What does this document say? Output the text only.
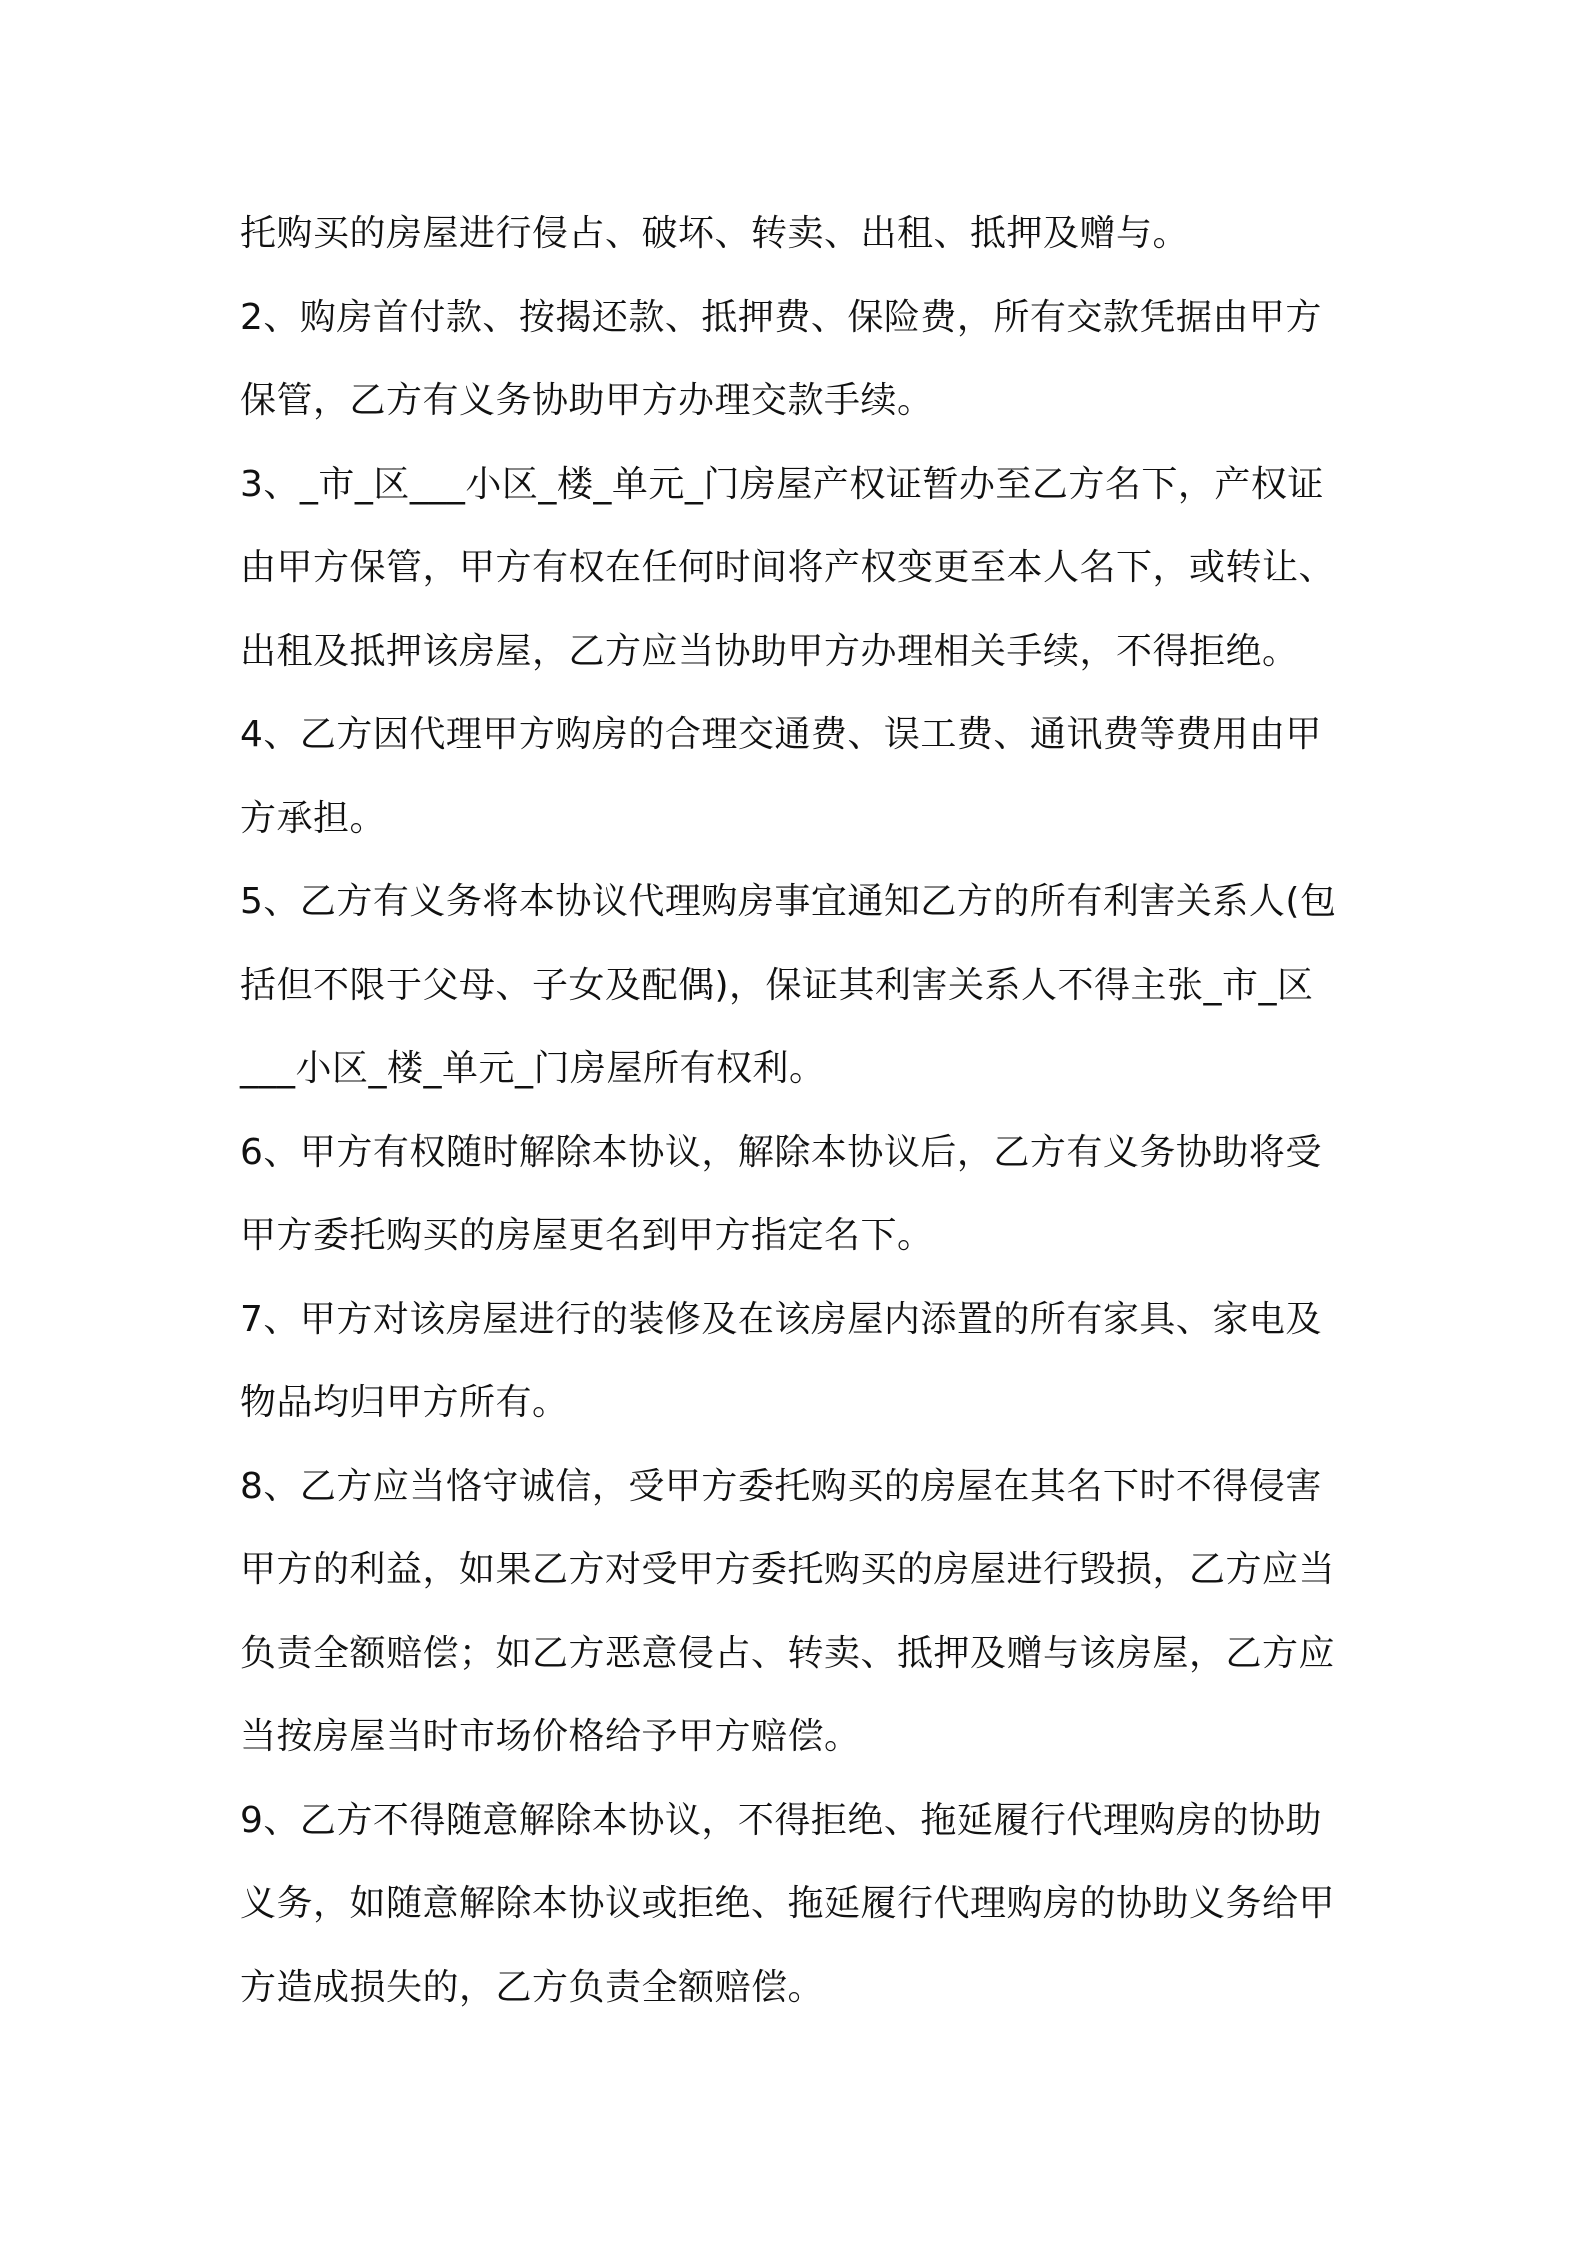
托购买的房屋进行侵占、破坏、转卖、出租、抵押及赠与。
2、购房首付款、按揭还款、抵押费、保险费，所有交款凭据由甲方
保管，乙方有义务协助甲方办理交款手续。
3、_市_区___小区_楼_单元_门房屋产权证暂办至乙方名下，产权证
由甲方保管，甲方有权在任何时间将产权变更至本人名下，或转让、
出租及抵押该房屋，乙方应当协助甲方办理相关手续，不得拒绝。
4、乙方因代理甲方购房的合理交通费、误工费、通讯费等费用由甲
方承担。
5、乙方有义务将本协议代理购房事宜通知乙方的所有利害关系人(包
括但不限于父母、子女及配偶)，保证其利害关系人不得主张_市_区
___小区_楼_单元_门房屋所有权利。
6、甲方有权随时解除本协议，解除本协议后，乙方有义务协助将受
甲方委托购买的房屋更名到甲方指定名下。
7、甲方对该房屋进行的装修及在该房屋内添置的所有家具、家电及
物品均归甲方所有。
8、乙方应当恪守诚信，受甲方委托购买的房屋在其名下时不得侵害
甲方的利益，如果乙方对受甲方委托购买的房屋进行毁损，乙方应当
负责全额赔偿；如乙方恶意侵占、转卖、抵押及赠与该房屋，乙方应
当按房屋当时市场价格给予甲方赔偿。
9、乙方不得随意解除本协议，不得拒绝、拖延履行代理购房的协助
义务，如随意解除本协议或拒绝、拖延履行代理购房的协助义务给甲
方造成损失的，乙方负责全额赔偿。
